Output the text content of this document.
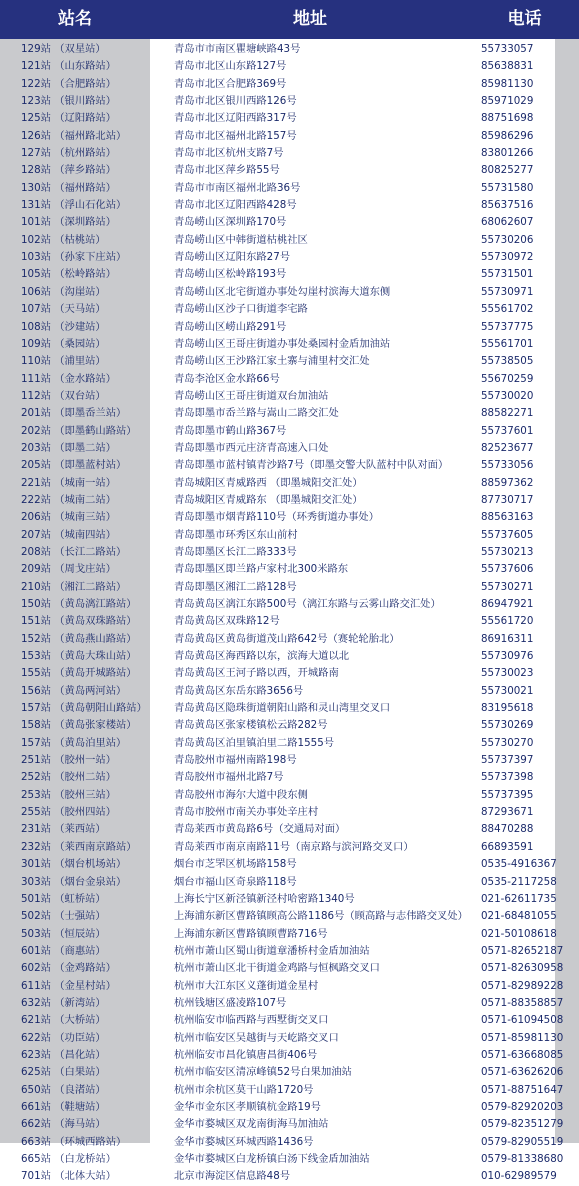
站名	地址	电话
129站 （双星站）	青岛市市南区瞿塘峡路43号	55733057
121站 （山东路站）	青岛市北区山东路127号	85638831
122站 （合肥路站）	青岛市北区合肥路369号	85981130
123站 （银川路站）	青岛市北区银川西路126号	85971029
125站 （辽阳路站）	青岛市北区辽阳西路317号	88751698
126站 （福州路北站）	青岛市北区福州北路157号	85986296
127站 （杭州路站）	青岛市北区杭州支路7号	83801266
128站 （萍乡路站）	青岛市北区萍乡路55号	80825277
130站 （福州路站）	青岛市市南区福州北路36号	55731580
131站 （浮山石化站）	青岛市北区辽阳西路428号	85637516
101站 （深圳路站）	青岛崂山区深圳路170号	68062607
102站 （枯桃站）	青岛崂山区中韩街道枯桃社区	55730206
103站 （孙家下庄站）	青岛崂山区辽阳东路27号	55730972
105站 （松岭路站）	青岛崂山区松岭路193号	55731501
106站 （沟崖站）	青岛崂山区北宅街道办事处勾崖村滨海大道东侧	55730971
107站 （天马站）	青岛崂山区沙子口街道李宅路	55561702
108站 （沙建站）	青岛崂山区崂山路291号	55737775
109站 （桑园站）	青岛崂山区王哥庄街道办事处桑园村金盾加油站	55561701
110站 （浦里站）	青岛崂山区王沙路江家土寨与浦里村交汇处	55738505
111站 （金水路站）	青岛李沧区金水路66号	55670259
112站 （双台站）	青岛崂山区王哥庄街道双台加油站	55730020
201站 （即墨岙兰站）	青岛即墨市岙兰路与嵩山二路交汇处	88582271
202站 （即墨鹤山路站）	青岛即墨市鹤山路367号	55737601
203站 （即墨二站）	青岛即墨市西元庄济青高速入口处	82523677
205站 （即墨蓝村站）	青岛即墨市蓝村镇青沙路7号（即墨交警大队蓝村中队对面）	55733056
221站 （城南一站）	青岛城阳区青威路西 （即墨城阳交汇处）	88597362
222站 （城南二站）	青岛城阳区青威路东 （即墨城阳交汇处）	87730717
206站 （城南三站）	青岛即墨市烟青路110号（环秀街道办事处）	88563163
207站 （城南四站）	青岛即墨市环秀区东山前村	55737605
208站 （长江二路站）	青岛即墨区长江二路333号	55730213
209站 （周戈庄站）	青岛即墨区即兰路卢家村北300米路东	55737606
210站 （湘江二路站）	青岛即墨区湘江二路128号	55730271
150站 （黄岛漓江路站）	青岛黄岛区漓江东路500号（漓江东路与云雾山路交汇处）	86947921
151站 （黄岛双珠路站）	青岛黄岛区双珠路12号	55561720
152站 （黄岛燕山路站）	青岛黄岛区黄岛街道茂山路642号（赛轮轮胎北）	86916311
153站 （黄岛大珠山站）	青岛黄岛区海西路以东，滨海大道以北	55730976
155站 （黄岛开城路站）	青岛黄岛区王河子路以西，开城路南	55730023
156站 （黄岛两河站）	青岛黄岛区东岳东路3656号	55730021
157站 （黄岛朝阳山路站）	青岛黄岛区隐珠街道朝阳山路和灵山湾里交叉口	83195618
158站 （黄岛张家楼站）	青岛黄岛区张家楼镇松云路282号	55730269
157站 （黄岛泊里站）	青岛黄岛区泊里镇泊里二路1555号	55730270
251站 （胶州一站）	青岛胶州市福州南路198号	55737397
252站 （胶州二站）	青岛胶州市福州北路7号	55737398
253站 （胶州三站）	青岛胶州市海尔大道中段东侧	55737395
255站 （胶州四站）	青岛市胶州市南关办事处辛庄村	87293671
231站 （莱西站）	青岛莱西市黄岛路6号（交通局对面）	88470288
232站 （莱西南京路站）	青岛莱西市南京南路11号（南京路与滨河路交叉口）	66893591
301站 （烟台机场站）	烟台市芝罘区机场路158号	0535-4916367
303站 （烟台金泉站）	烟台市福山区奇泉路118号	0535-2117258
501站 （虹桥站）	上海长宁区新泾镇新泾村哈密路1340号	021-62611735
502站 （士强站）	上海浦东新区曹路镇顾高公路1186号（顾高路与志伟路交叉处）	021-68481055
503站 （恒辰站）	上海浦东新区曹路镇顾曹路716号	021-50108618
601站 （商惠站）	杭州市萧山区蜀山街道章潘桥村金盾加油站	0571-82652187
602站 （金鸡路站）	杭州市萧山区北干街道金鸡路与恒枫路交叉口	0571-82630958
611站 （金星村站）	杭州市大江东区义蓬街道金星村	0571-82989228
632站 （新湾站）	杭州钱塘区盛凌路107号	0571-88358857
621站 （大桥站）	杭州临安市临西路与西墅街交叉口	0571-61094508
622站 （功臣站）	杭州市临安区吴越街与天屹路交叉口	0571-85981130
623站 （昌化站）	杭州临安市昌化镇唐昌街406号	0571-63668085
625站 （白果站）	杭州市临安区清凉峰镇52号白果加油站	0571-63626206
650站 （良渚站）	杭州市余杭区莫干山路1720号	0571-88751647
661站 （鞋塘站）	金华市金东区孝顺镇杭金路19号	0579-82920203
662站 （海马站）	金华市婺城区双龙南街海马加油站	0579-82351279
663站 （环城西路站）	金华市婺城区环城西路1436号	0579-82905519
665站 （白龙桥站）	金华市婺城区白龙桥镇白汤下线金盾加油站	0579-81338680
701站 （北体大站）	北京市海淀区信息路48号	010-62989579
